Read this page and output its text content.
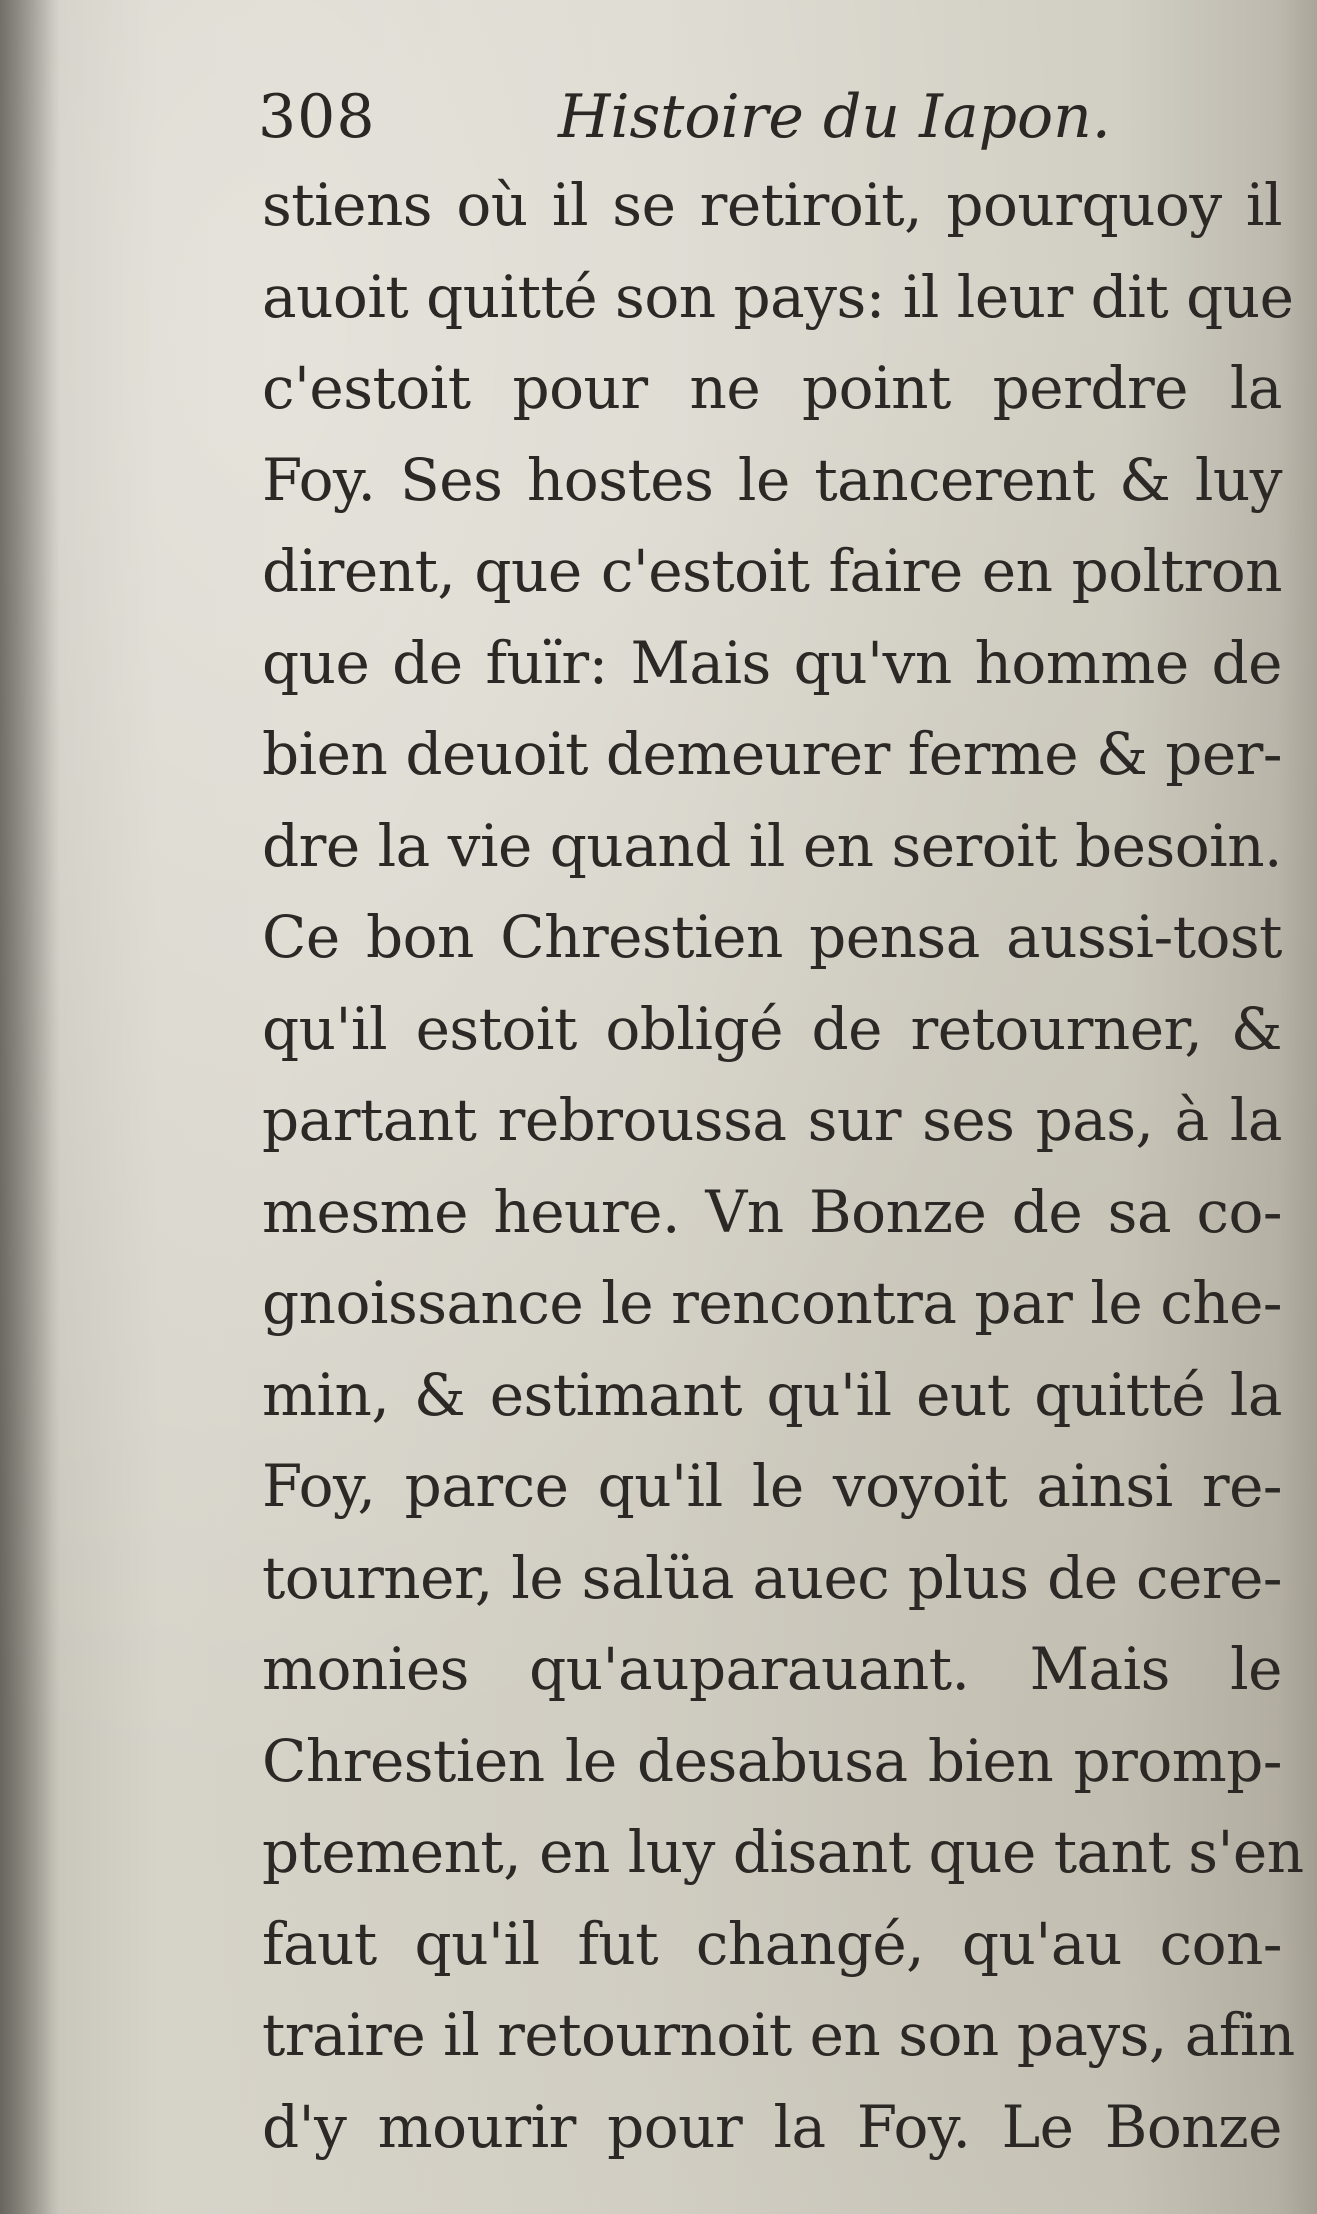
308	Histoire du Iapon.
stiens où il se retiroit, pourquoy il
auoit quitté son pays: il leur dit que
c'estoit pour ne point perdre la
Foy. Ses hostes le tancerent & luy
dirent, que c'estoit faire en poltron
que de fuïr: Mais qu'vn homme de
bien deuoit demeurer ferme & per-
dre la vie quand il en seroit besoin.
Ce bon Chrestien pensa aussi-tost
qu'il estoit obligé de retourner, &
partant rebroussa sur ses pas, à la
mesme heure. Vn Bonze de sa co-
gnoissance le rencontra par le che-
min, & estimant qu'il eut quitté la
Foy, parce qu'il le voyoit ainsi re-
tourner, le salüa auec plus de cere-
monies qu'auparauant. Mais le
Chrestien le desabusa bien promp-
ptement, en luy disant que tant s'en
faut qu'il fut changé, qu'au con-
traire il retournoit en son pays, afin
d'y mourir pour la Foy. Le Bonze
